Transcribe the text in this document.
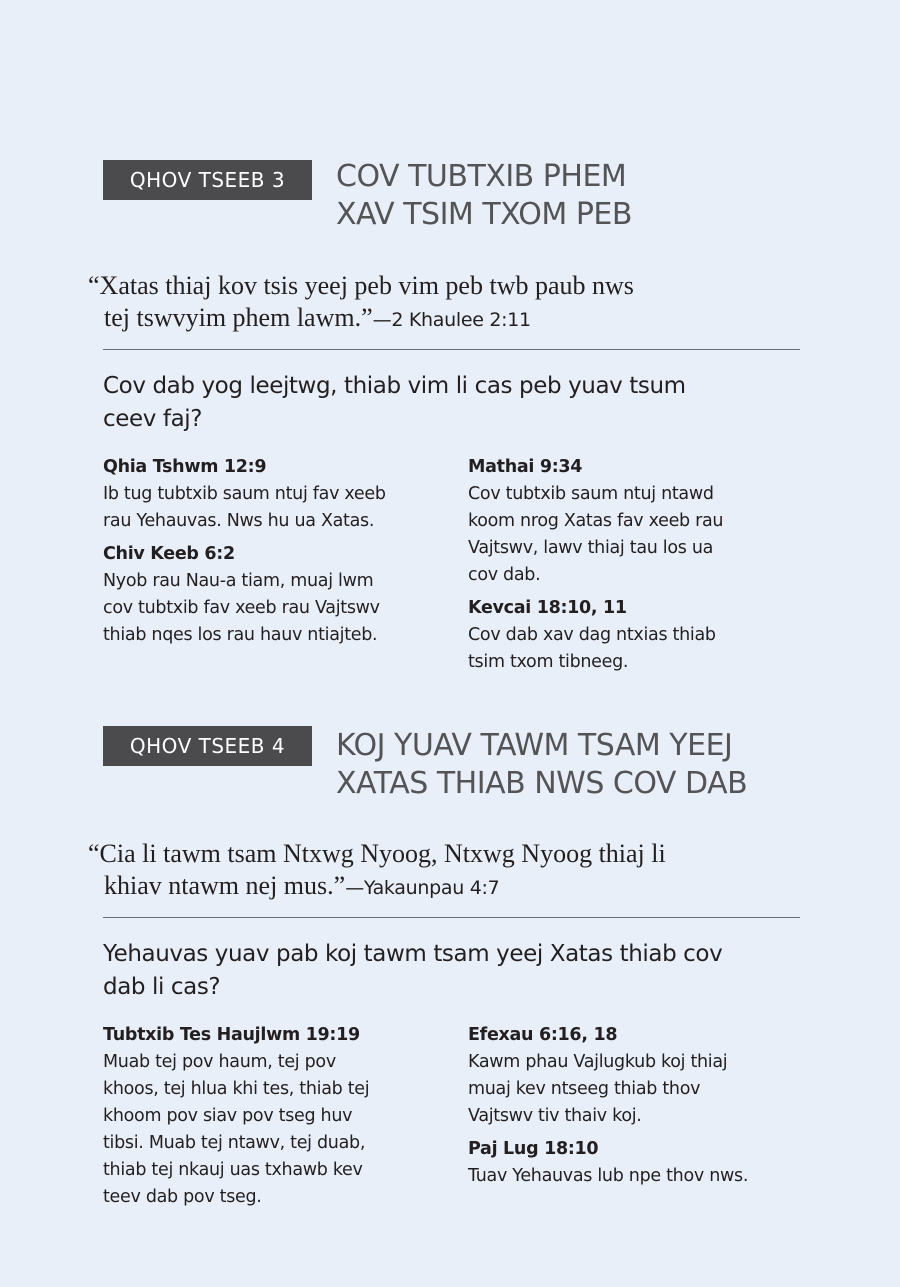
QHOV TSEEB 3	COV TUBTXIB PHEM
XAV TSIM TXOM PEB

“Xatas thiaj kov tsis yeej peb vim peb twb paub nws
tej tswvyim phem lawm.”—2 Khaulee 2:11

Cov dab yog leejtwg, thiab vim li cas peb yuav tsum
ceev faj?

Qhia Tshwm 12:9
Ib tug tubtxib saum ntuj fav xeeb
rau Yehauvas. Nws hu ua Xatas.
Chiv Keeb 6:2
Nyob rau Nau-a tiam, muaj lwm
cov tubtxib fav xeeb rau Vajtswv
thiab nqes los rau hauv ntiajteb.
Mathai 9:34
Cov tubtxib saum ntuj ntawd
koom nrog Xatas fav xeeb rau
Vajtswv, lawv thiaj tau los ua
cov dab.
Kevcai 18:10, 11
Cov dab xav dag ntxias thiab
tsim txom tibneeg.
QHOV TSEEB 4	KOJ YUAV TAWM TSAM YEEJ
XATAS THIAB NWS COV DAB

“Cia li tawm tsam Ntxwg Nyoog, Ntxwg Nyoog thiaj li
khiav ntawm nej mus.”—Yakaunpau 4:7

Yehauvas yuav pab koj tawm tsam yeej Xatas thiab cov
dab li cas?

Tubtxib Tes Haujlwm 19:19
Muab tej pov haum, tej pov
khoos, tej hlua khi tes, thiab tej
khoom pov siav pov tseg huv
tibsi. Muab tej ntawv, tej duab,
thiab tej nkauj uas txhawb kev
teev dab pov tseg.
Efexau 6:16, 18
Kawm phau Vajlugkub koj thiaj
muaj kev ntseeg thiab thov
Vajtswv tiv thaiv koj.
Paj Lug 18:10
Tuav Yehauvas lub npe thov nws.
